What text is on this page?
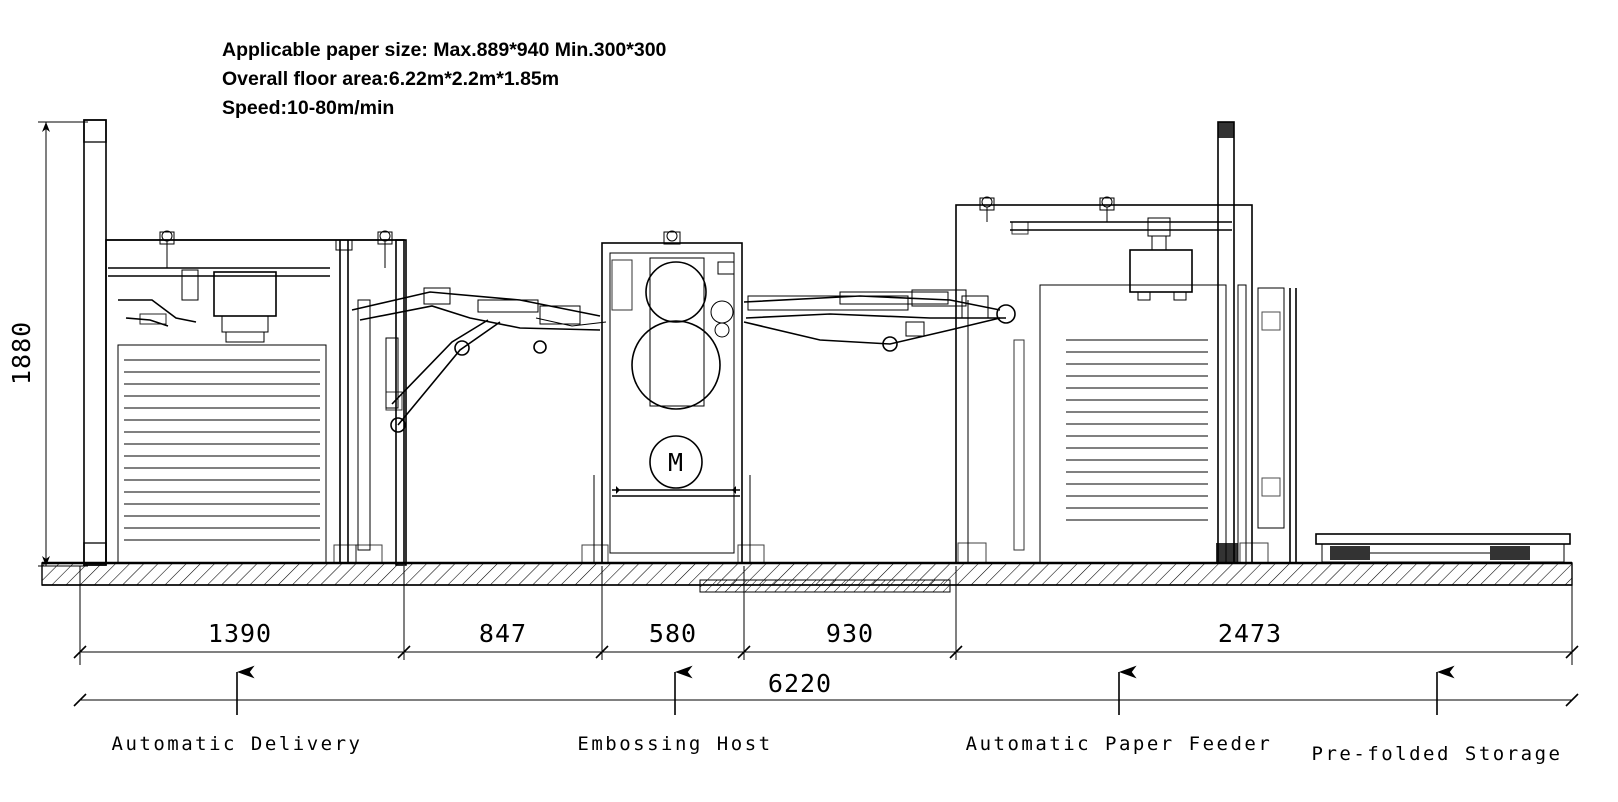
Applicable paper size: Max.889*940 Min.300*300
Overall floor area:6.22m*2.2m*1.85m
Speed:10-80m/min
1880
M
1390	847	580	930	2473
6220
Automatic Delivery	Embossing Host	Automatic Paper Feeder Pre-folded Storage
